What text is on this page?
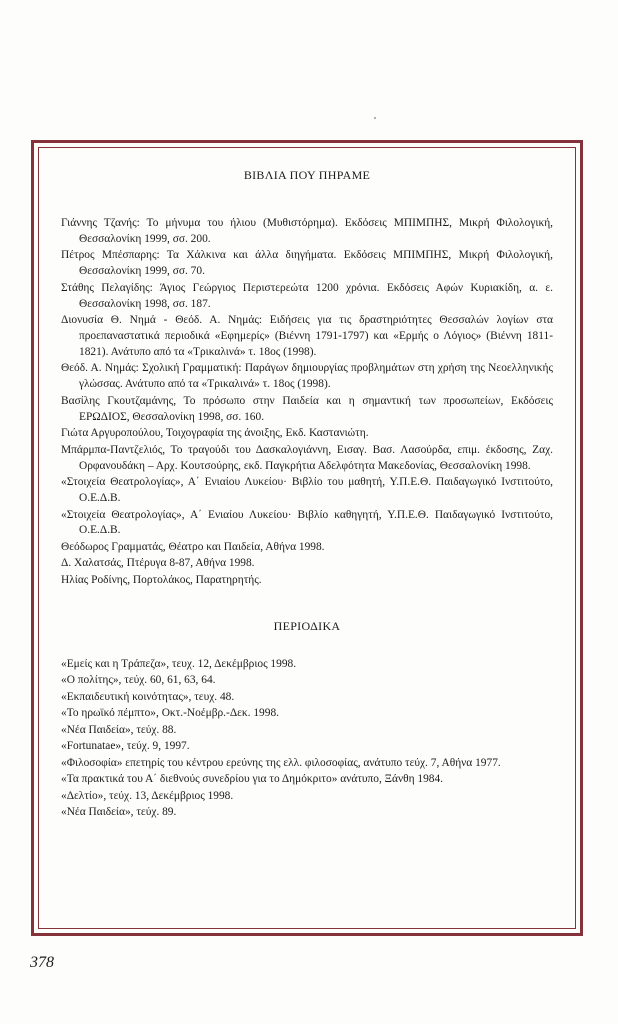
ΒΙΒΛΙΑ ΠΟΥ ΠΗΡΑΜΕ

Γιάννης Τζανής: Το μήνυμα του ήλιου (Μυθιστόρημα). Εκδόσεις ΜΠΙΜΠΗΣ, Μικρή Φιλολογική, Θεσσαλονίκη 1999, σσ. 200.

Πέτρος Μπέσπαρης: Τα Χάλκινα και άλλα διηγήματα. Εκδόσεις ΜΠΙΜΠΗΣ, Μικρή Φιλολογική, Θεσσαλονίκη 1999, σσ. 70.

Στάθης Πελαγίδης: Άγιος Γεώργιος Περιστερεώτα 1200 χρόνια. Εκδόσεις Αφών Κυριακίδη, α. ε. Θεσσαλονίκη 1998, σσ. 187.

Διονυσία Θ. Νημά - Θεόδ. Α. Νημάς: Ειδήσεις για τις δραστηριότητες Θεσσαλών λογίων στα προεπαναστατικά περιοδικά «Εφημερίς» (Βιέννη 1791-1797) και «Ερμής ο Λόγιος» (Βιέννη 1811-1821). Ανάτυπο από τα «Τρικαλινά» τ. 18ος (1998).

Θεόδ. Α. Νημάς: Σχολική Γραμματική: Παράγων δημιουργίας προβλημάτων στη χρήση της Νεοελληνικής γλώσσας. Ανάτυπο από τα «Τρικαλινά» τ. 18ος (1998).

Βασίλης Γκουτζαμάνης, Το πρόσωπο στην Παιδεία και η σημαντική των προσωπείων, Εκδόσεις ΕΡΩΔΙΟΣ, Θεσσαλονίκη 1998, σσ. 160.

Γιώτα Αργυροπούλου, Τοιχογραφία της άνοιξης, Εκδ. Καστανιώτη.

Μπάρμπα-Παντζελιός, Το τραγούδι του Δασκαλογιάννη, Εισαγ. Βασ. Λασούρδα, επιμ. έκδοσης, Ζαχ. Ορφανουδάκη – Αρχ. Κουτσούρης, εκδ. Παγκρήτια Αδελφότητα Μακεδονίας, Θεσσαλονίκη 1998.

«Στοιχεία Θεατρολογίας», Α΄ Ενιαίου Λυκείου· Βιβλίο του μαθητή, Υ.Π.Ε.Θ. Παιδαγωγικό Ινστιτούτο, Ο.Ε.Δ.Β.

«Στοιχεία Θεατρολογίας», Α΄ Ενιαίου Λυκείου· Βιβλίο καθηγητή, Υ.Π.Ε.Θ. Παιδαγωγικό Ινστιτούτο, Ο.Ε.Δ.Β.

Θεόδωρος Γραμματάς, Θέατρο και Παιδεία, Αθήνα 1998.

Δ. Χαλατσάς, Πτέρυγα 8-87, Αθήνα 1998.

Ηλίας Ροδίνης, Πορτολάκος, Παρατηρητής.

ΠΕΡΙΟΔΙΚΑ

«Εμείς και η Τράπεζα», τευχ. 12, Δεκέμβριος 1998.

«Ο πολίτης», τεύχ. 60, 61, 63, 64.

«Εκπαιδευτική κοινότητας», τευχ. 48.

«Το ηρωϊκό πέμπτο», Οκτ.-Νοέμβρ.-Δεκ. 1998.

«Νέα Παιδεία», τεύχ. 88.

«Fortunatae», τεύχ. 9, 1997.

«Φιλοσοφία» επετηρίς του κέντρου ερεύνης της ελλ. φιλοσοφίας, ανάτυπο τεύχ. 7, Αθήνα 1977.

«Τα πρακτικά του Α΄ διεθνούς συνεδρίου για το Δημόκριτο» ανάτυπο, Ξάνθη 1984.

«Δελτίο», τεύχ. 13, Δεκέμβριος 1998.

«Νέα Παιδεία», τεύχ. 89.

378
